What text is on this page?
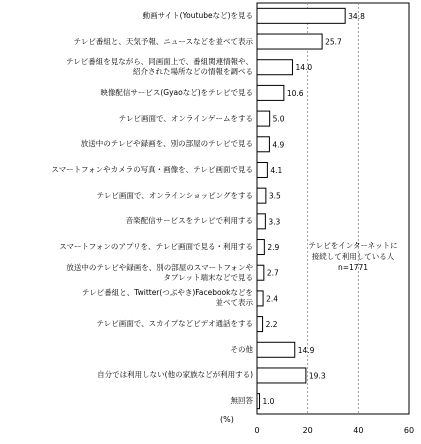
動画サイト(Youtubeなど)を見る
テレビ番組と、天気予報、ニュースなどを並べて表示
テレビ番組を見ながら、同画面上で、番組関連情報や、
紹介された場所などの情報を調べる
映像配信サービス(Gyaoなど)をテレビで見る
テレビ画面で、オンラインゲームをする
放送中のテレビや録画を、別の部屋のテレビで見る
スマートフォンやカメラの写真・画像を、テレビ画面で見る
テレビ画面で、オンラインショッピングをする
音楽配信サービスをテレビで利用する
スマートフォンのアプリを、テレビ画面で見る・利用する
放送中のテレビや録画を、別の部屋のスマートフォンや
タブレット端末などで見る
テレビ番組と、Twitter(つぶやき)Facebookなどを
並べて表示
テレビ画面で、スカイプなどビデオ通話をする
その他
自分では利用しない(他の家族などが利用する)
無回答
34.8
25.7
14.0
10.6
5.0
4.9
4.1
3.5
3.3
2.9
2.7
2.4
2.2
14.9
19.3
1.0
0	20	40	60
テレビをインターネットに
接続して利用している人
n=1771
(%)
